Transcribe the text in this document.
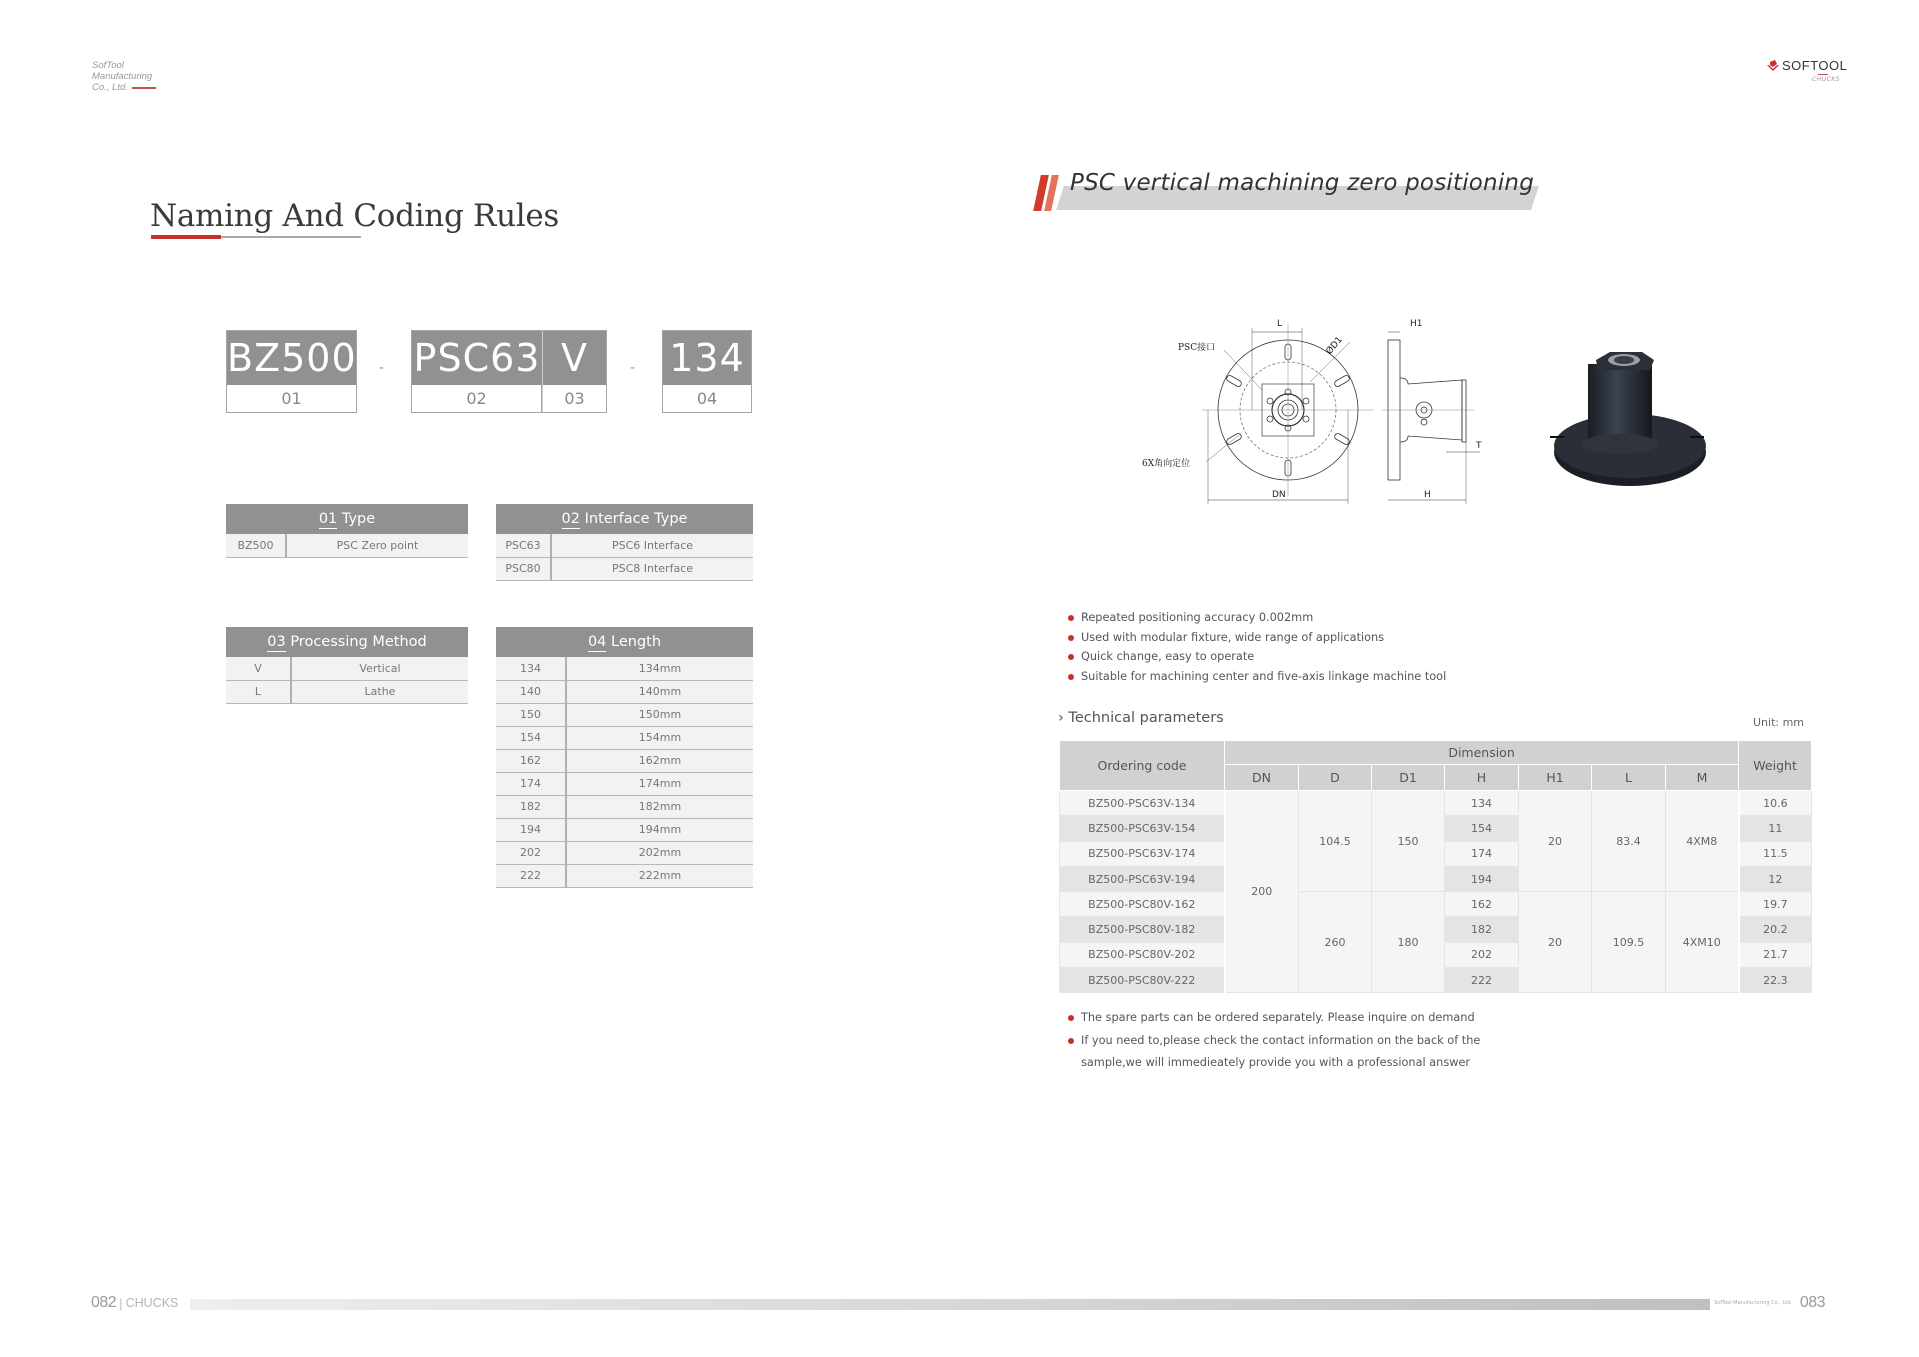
SofTool
Manufacturing
Co., Ltd.
SOFTOOL
CHUCKS
Naming And Coding Rules
BZ500
01
- PSC63
02
V
03
- 134
04
01 Type
BZ500	PSC Zero point
02 Interface Type	
PSC63	PSC6 Interface
PSC80	PSC8 Interface
03 Processing Method	
V	Vertical
L	Lathe
04 Length	
134	134mm
140	140mm
150	150mm
154	154mm
162	162mm
174	174mm
182	182mm
194	194mm
202	202mm
222	222mm
PSC vertical machining zero positioning
L
ØD1
PSC接口
6X角向定位
DN
H1
H
T
Repeated positioning accuracy 0.002mm
Used with modular fixture, wide range of applications
Quick change, easy to operate
Suitable for machining center and five-axis linkage machine tool
› Technical parameters	Unit: mm
Ordering code	Dimension							Weight
	DN	D	D1	H	H1	L	M	
BZ500-PSC63V-134	200	104.5	150	134	20	83.4	4XM8	10.6
BZ500-PSC63V-154				154				11
BZ500-PSC63V-174				174				11.5
BZ500-PSC63V-194				194				12
BZ500-PSC80V-162		260	180	162	20	109.5	4XM10	19.7
BZ500-PSC80V-182				182				20.2
BZ500-PSC80V-202				202				21.7
BZ500-PSC80V-222				222				22.3
The spare parts can be ordered separately. Please inquire on demand
If you need to,please check the contact information on the back of the
sample,we will immedieately provide you with a professional answer
082 | CHUCKS	SofTool Manufacturing Co., Ltd. 083
